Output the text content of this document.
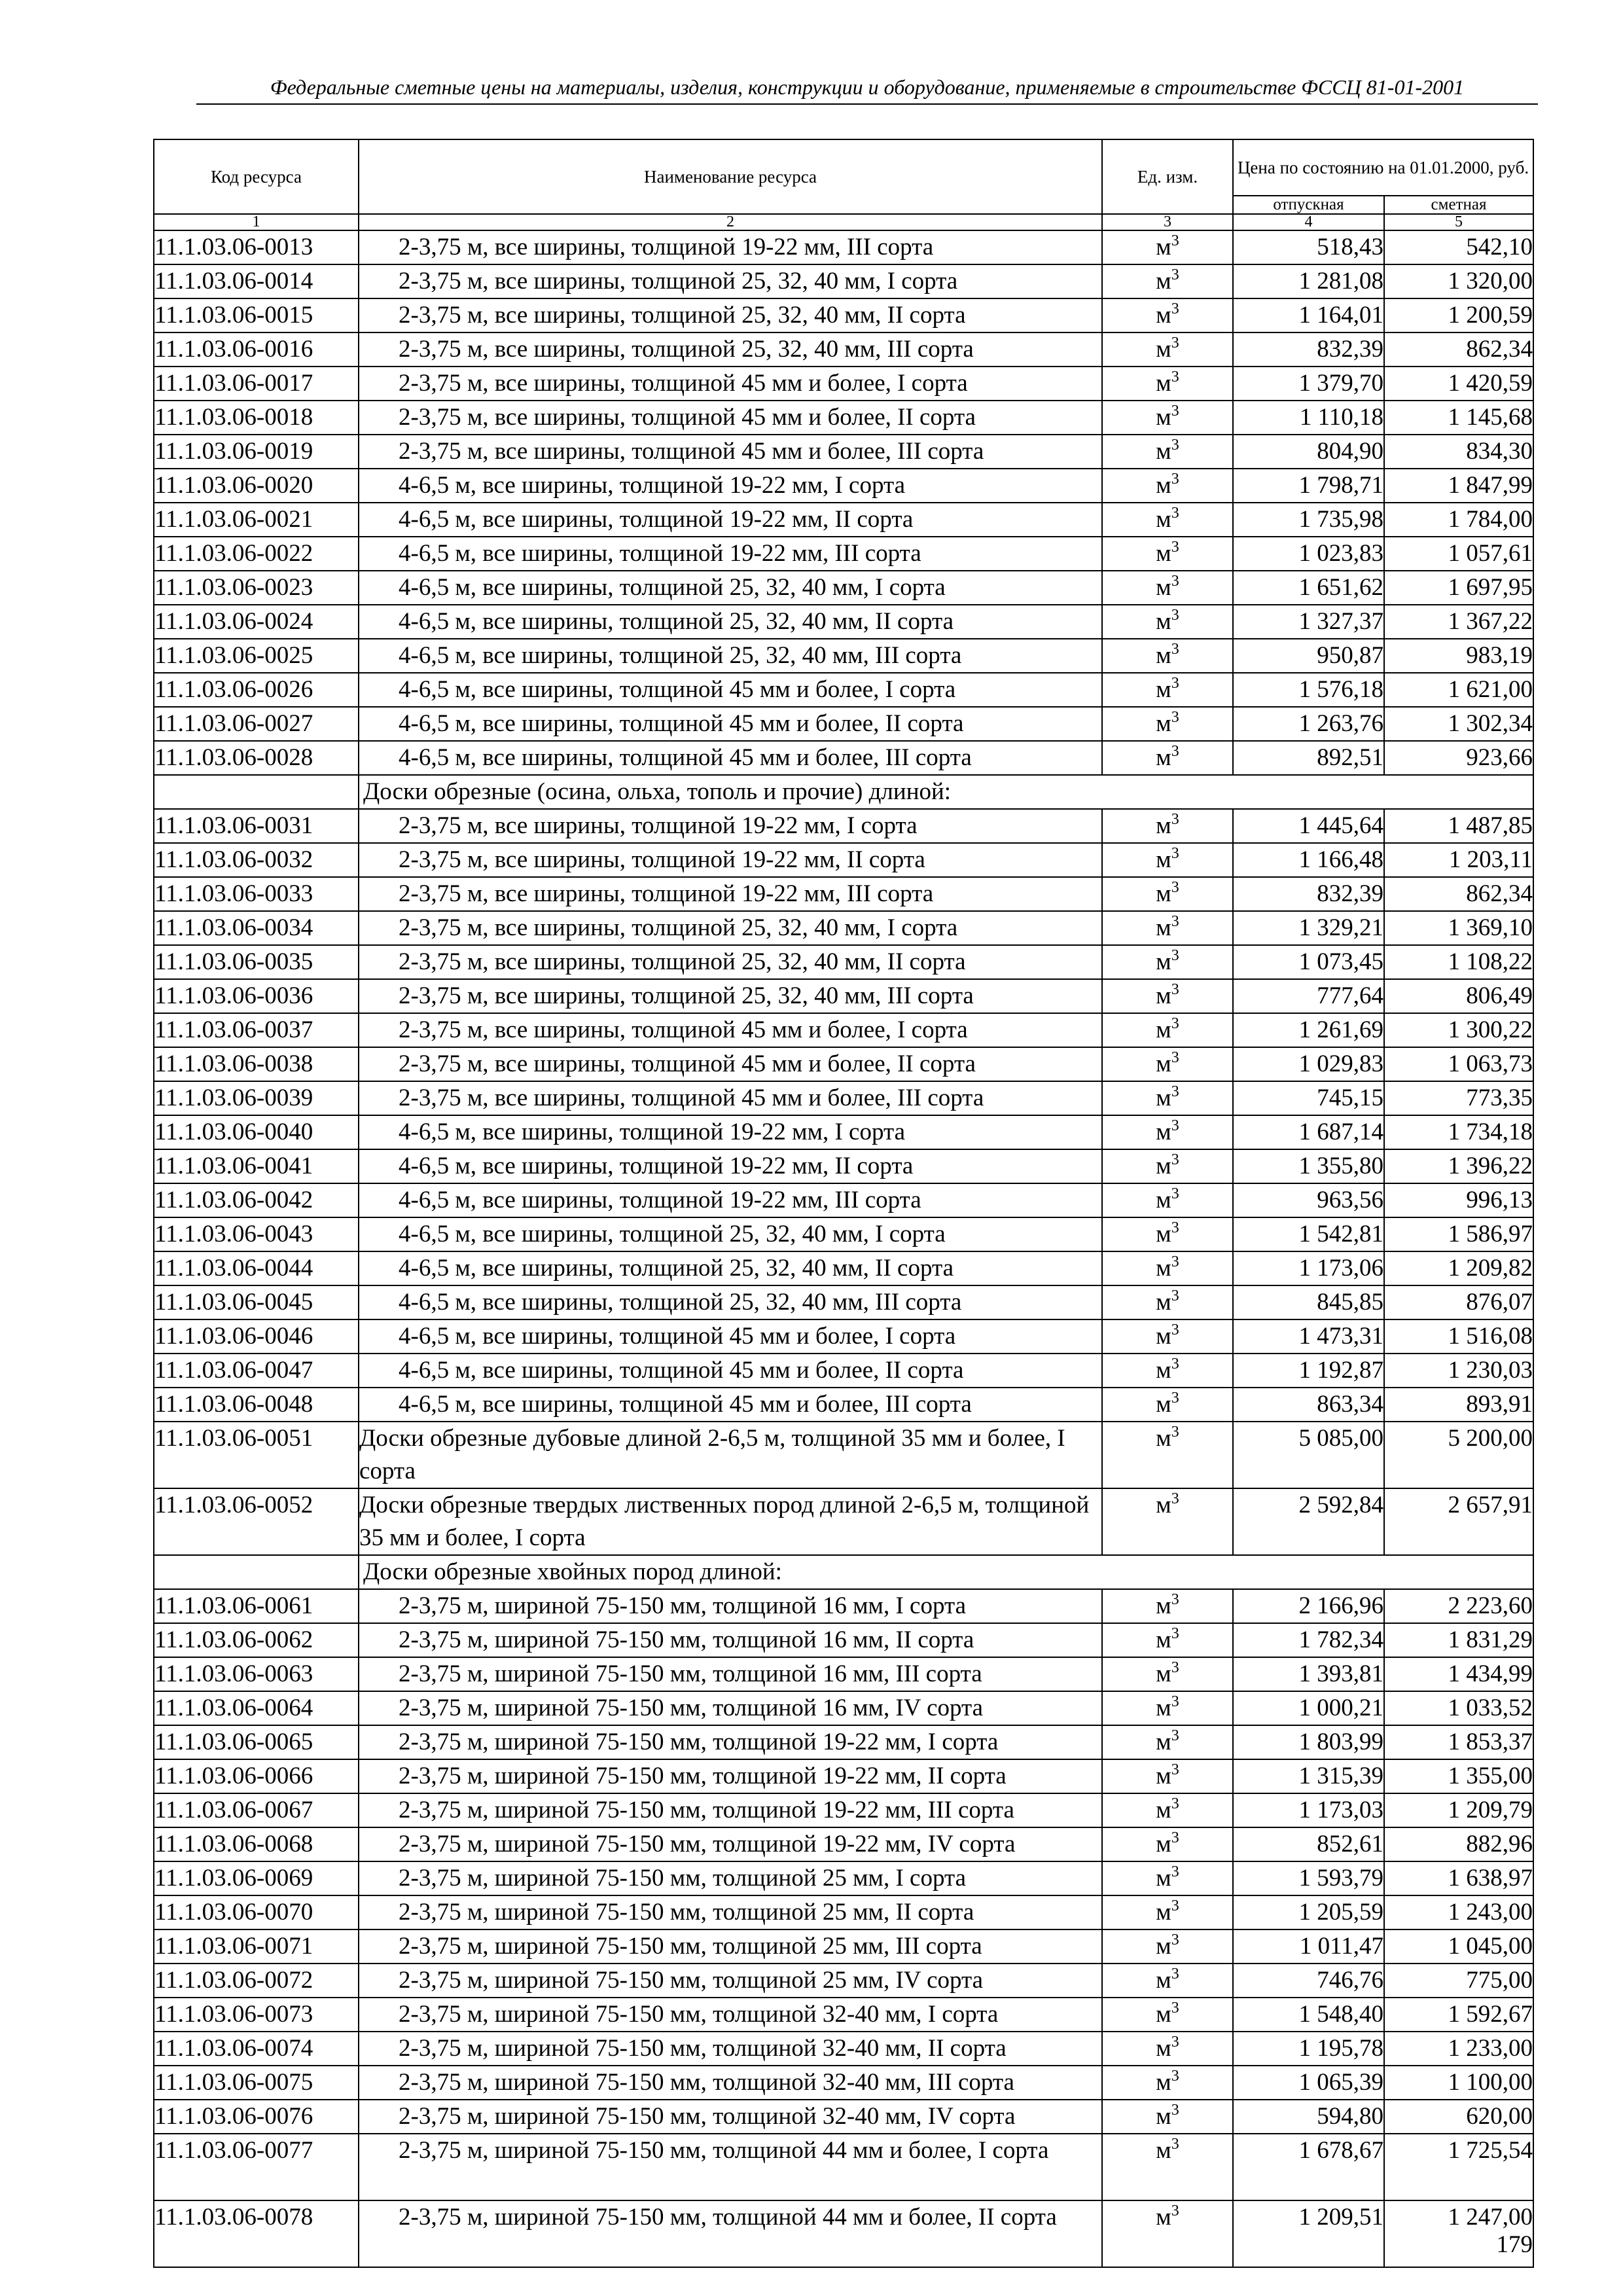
Федеральные сметные цены на материалы, изделия, конструкции и оборудование, применяемые в строительстве ФССЦ 81-01-2001
Код ресурса	Наименование ресурса	Ед. изм.	Цена по состоянию на 01.01.2000, руб.	
			отпускная	сметная
1	2	3	4	5
11.1.03.06-0013	2-3,75 м, все ширины, толщиной 19-22 мм, III сорта	$м^3$	518,43	542,10
11.1.03.06-0014	2-3,75 м, все ширины, толщиной 25, 32, 40 мм, I сорта	$м^3$	1 281,08	1 320,00
11.1.03.06-0015	2-3,75 м, все ширины, толщиной 25, 32, 40 мм, II сорта	$м^3$	1 164,01	1 200,59
11.1.03.06-0016	2-3,75 м, все ширины, толщиной 25, 32, 40 мм, III сорта	$м^3$	832,39	862,34
11.1.03.06-0017	2-3,75 м, все ширины, толщиной 45 мм и более, I сорта	$м^3$	1 379,70	1 420,59
11.1.03.06-0018	2-3,75 м, все ширины, толщиной 45 мм и более, II сорта	$м^3$	1 110,18	1 145,68
11.1.03.06-0019	2-3,75 м, все ширины, толщиной 45 мм и более, III сорта	$м^3$	804,90	834,30
11.1.03.06-0020	4-6,5 м, все ширины, толщиной 19-22 мм, I сорта	$м^3$	1 798,71	1 847,99
11.1.03.06-0021	4-6,5 м, все ширины, толщиной 19-22 мм, II сорта	$м^3$	1 735,98	1 784,00
11.1.03.06-0022	4-6,5 м, все ширины, толщиной 19-22 мм, III сорта	$м^3$	1 023,83	1 057,61
11.1.03.06-0023	4-6,5 м, все ширины, толщиной 25, 32, 40 мм, I сорта	$м^3$	1 651,62	1 697,95
11.1.03.06-0024	4-6,5 м, все ширины, толщиной 25, 32, 40 мм, II сорта	$м^3$	1 327,37	1 367,22
11.1.03.06-0025	4-6,5 м, все ширины, толщиной 25, 32, 40 мм, III сорта	$м^3$	950,87	983,19
11.1.03.06-0026	4-6,5 м, все ширины, толщиной 45 мм и более, I сорта	$м^3$	1 576,18	1 621,00
11.1.03.06-0027	4-6,5 м, все ширины, толщиной 45 мм и более, II сорта	$м^3$	1 263,76	1 302,34
11.1.03.06-0028	4-6,5 м, все ширины, толщиной 45 мм и более, III сорта	$м^3$	892,51	923,66
	Доски обрезные (осина, ольха, тополь и прочие) длиной:			
11.1.03.06-0031	2-3,75 м, все ширины, толщиной 19-22 мм, I сорта	$м^3$	1 445,64	1 487,85
11.1.03.06-0032	2-3,75 м, все ширины, толщиной 19-22 мм, II сорта	$м^3$	1 166,48	1 203,11
11.1.03.06-0033	2-3,75 м, все ширины, толщиной 19-22 мм, III сорта	$м^3$	832,39	862,34
11.1.03.06-0034	2-3,75 м, все ширины, толщиной 25, 32, 40 мм, I сорта	$м^3$	1 329,21	1 369,10
11.1.03.06-0035	2-3,75 м, все ширины, толщиной 25, 32, 40 мм, II сорта	$м^3$	1 073,45	1 108,22
11.1.03.06-0036	2-3,75 м, все ширины, толщиной 25, 32, 40 мм, III сорта	$м^3$	777,64	806,49
11.1.03.06-0037	2-3,75 м, все ширины, толщиной 45 мм и более, I сорта	$м^3$	1 261,69	1 300,22
11.1.03.06-0038	2-3,75 м, все ширины, толщиной 45 мм и более, II сорта	$м^3$	1 029,83	1 063,73
11.1.03.06-0039	2-3,75 м, все ширины, толщиной 45 мм и более, III сорта	$м^3$	745,15	773,35
11.1.03.06-0040	4-6,5 м, все ширины, толщиной 19-22 мм, I сорта	$м^3$	1 687,14	1 734,18
11.1.03.06-0041	4-6,5 м, все ширины, толщиной 19-22 мм, II сорта	$м^3$	1 355,80	1 396,22
11.1.03.06-0042	4-6,5 м, все ширины, толщиной 19-22 мм, III сорта	$м^3$	963,56	996,13
11.1.03.06-0043	4-6,5 м, все ширины, толщиной 25, 32, 40 мм, I сорта	$м^3$	1 542,81	1 586,97
11.1.03.06-0044	4-6,5 м, все ширины, толщиной 25, 32, 40 мм, II сорта	$м^3$	1 173,06	1 209,82
11.1.03.06-0045	4-6,5 м, все ширины, толщиной 25, 32, 40 мм, III сорта	$м^3$	845,85	876,07
11.1.03.06-0046	4-6,5 м, все ширины, толщиной 45 мм и более, I сорта	$м^3$	1 473,31	1 516,08
11.1.03.06-0047	4-6,5 м, все ширины, толщиной 45 мм и более, II сорта	$м^3$	1 192,87	1 230,03
11.1.03.06-0048	4-6,5 м, все ширины, толщиной 45 мм и более, III сорта	$м^3$	863,34	893,91
11.1.03.06-0051	Доски обрезные дубовые длиной 2-6,5 м, толщиной 35 мм и более, I сорта	$м^3$	5 085,00	5 200,00
11.1.03.06-0052	Доски обрезные твердых лиственных пород длиной 2-6,5 м, толщиной 35 мм и более, I сорта	$м^3$	2 592,84	2 657,91
	Доски обрезные хвойных пород длиной:			
11.1.03.06-0061	2-3,75 м, шириной 75-150 мм, толщиной 16 мм, I сорта	$м^3$	2 166,96	2 223,60
11.1.03.06-0062	2-3,75 м, шириной 75-150 мм, толщиной 16 мм, II сорта	$м^3$	1 782,34	1 831,29
11.1.03.06-0063	2-3,75 м, шириной 75-150 мм, толщиной 16 мм, III сорта	$м^3$	1 393,81	1 434,99
11.1.03.06-0064	2-3,75 м, шириной 75-150 мм, толщиной 16 мм, IV сорта	$м^3$	1 000,21	1 033,52
11.1.03.06-0065	2-3,75 м, шириной 75-150 мм, толщиной 19-22 мм, I сорта	$м^3$	1 803,99	1 853,37
11.1.03.06-0066	2-3,75 м, шириной 75-150 мм, толщиной 19-22 мм, II сорта	$м^3$	1 315,39	1 355,00
11.1.03.06-0067	2-3,75 м, шириной 75-150 мм, толщиной 19-22 мм, III сорта	$м^3$	1 173,03	1 209,79
11.1.03.06-0068	2-3,75 м, шириной 75-150 мм, толщиной 19-22 мм, IV сорта	$м^3$	852,61	882,96
11.1.03.06-0069	2-3,75 м, шириной 75-150 мм, толщиной 25 мм, I сорта	$м^3$	1 593,79	1 638,97
11.1.03.06-0070	2-3,75 м, шириной 75-150 мм, толщиной 25 мм, II сорта	$м^3$	1 205,59	1 243,00
11.1.03.06-0071	2-3,75 м, шириной 75-150 мм, толщиной 25 мм, III сорта	$м^3$	1 011,47	1 045,00
11.1.03.06-0072	2-3,75 м, шириной 75-150 мм, толщиной 25 мм, IV сорта	$м^3$	746,76	775,00
11.1.03.06-0073	2-3,75 м, шириной 75-150 мм, толщиной 32-40 мм, I сорта	$м^3$	1 548,40	1 592,67
11.1.03.06-0074	2-3,75 м, шириной 75-150 мм, толщиной 32-40 мм, II сорта	$м^3$	1 195,78	1 233,00
11.1.03.06-0075	2-3,75 м, шириной 75-150 мм, толщиной 32-40 мм, III сорта	$м^3$	1 065,39	1 100,00
11.1.03.06-0076	2-3,75 м, шириной 75-150 мм, толщиной 32-40 мм, IV сорта	$м^3$	594,80	620,00
11.1.03.06-0077	2-3,75 м, шириной 75-150 мм, толщиной 44 мм и более, I сорта	$м^3$	1 678,67	1 725,54
11.1.03.06-0078	2-3,75 м, шириной 75-150 мм, толщиной 44 мм и более, II сорта	$м^3$	1 209,51	1 247,00
179
